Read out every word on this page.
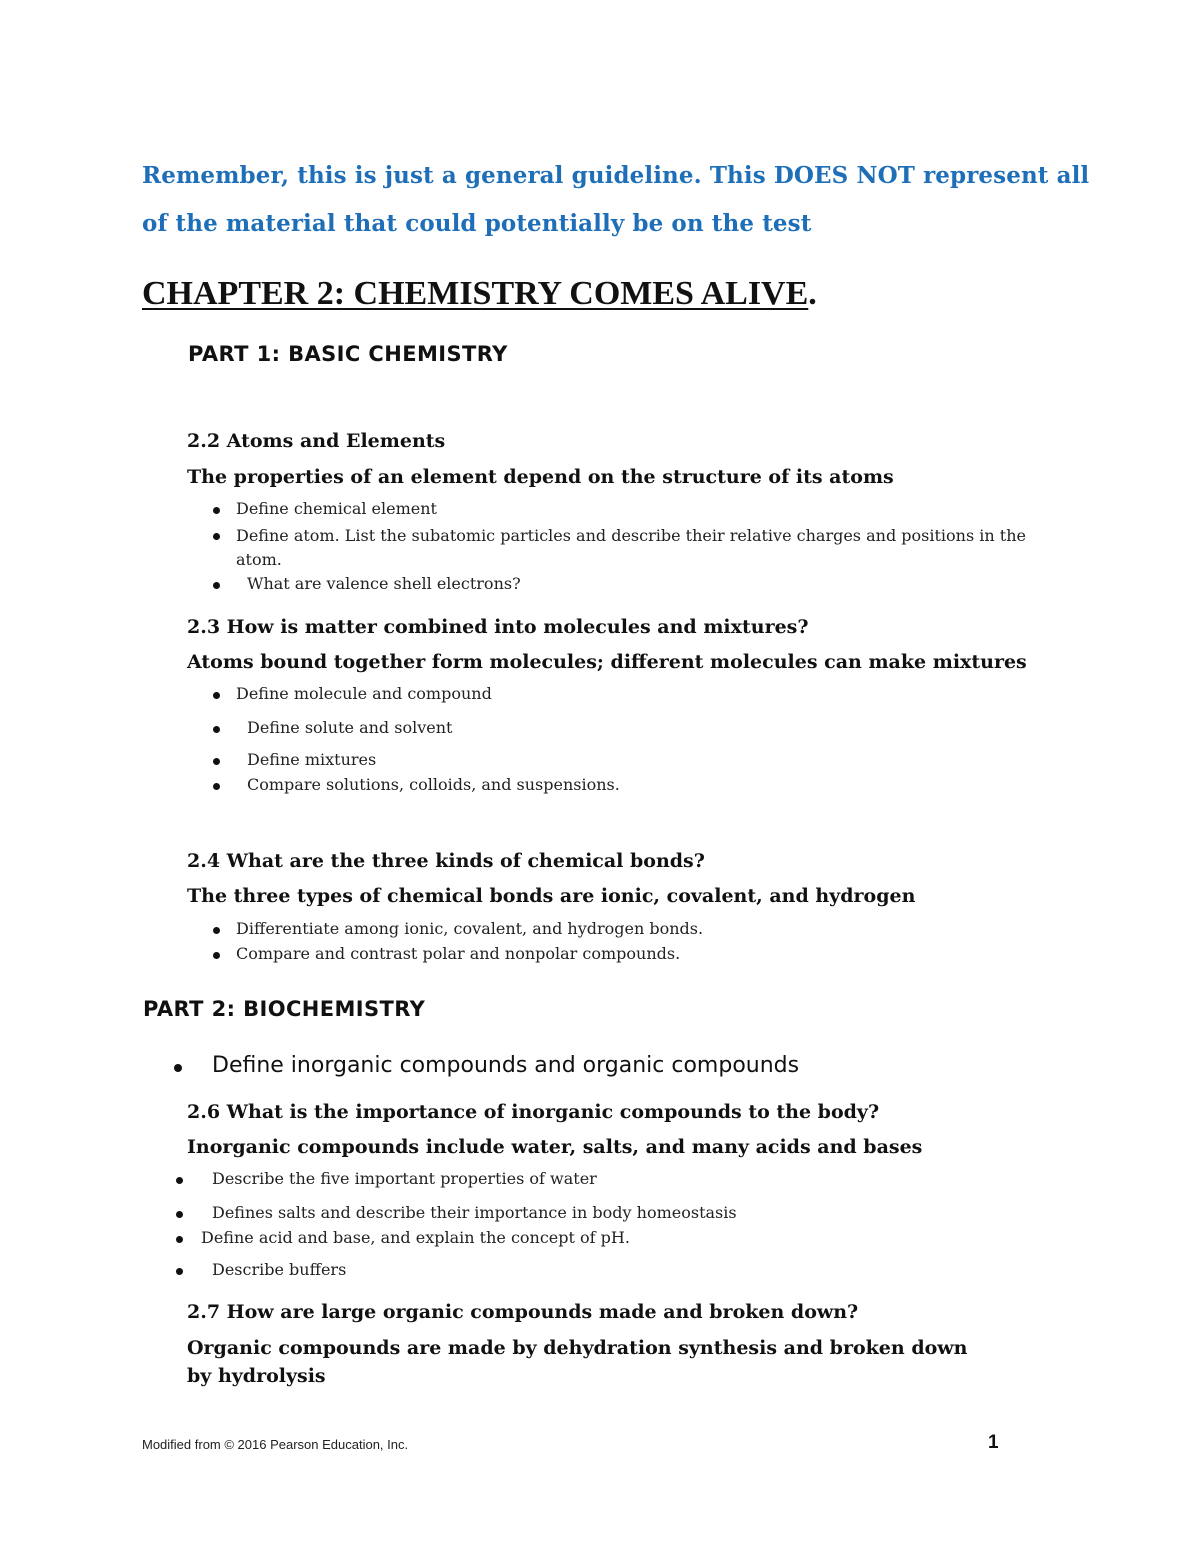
Remember, this is just a general guideline. This DOES NOT represent all

of the material that could potentially be on the test

CHAPTER 2: CHEMISTRY COMES ALIVE.
PART 1: BASIC CHEMISTRY
2.2 Atoms and Elements

The properties of an element depend on the structure of its atoms

Define chemical element

Define atom. List the subatomic particles and describe their relative charges and positions in the atom.

What are valence shell electrons?

2.3 How is matter combined into molecules and mixtures?

Atoms bound together form molecules; different molecules can make mixtures

Define molecule and compound

Define solute and solvent

Define mixtures

Compare solutions, colloids, and suspensions.

2.4 What are the three kinds of chemical bonds?

The three types of chemical bonds are ionic, covalent, and hydrogen

Differentiate among ionic, covalent, and hydrogen bonds.

Compare and contrast polar and nonpolar compounds.

PART 2: BIOCHEMISTRY

Define inorganic compounds and organic compounds

2.6 What is the importance of inorganic compounds to the body?

Inorganic compounds include water, salts, and many acids and bases

Describe the five important properties of water

Defines salts and describe their importance in body homeostasis

Define acid and base, and explain the concept of pH.

Describe buffers

2.7 How are large organic compounds made and broken down?

Organic compounds are made by dehydration synthesis and broken down by hydrolysis

Modified from © 2016 Pearson Education, Inc.	1
